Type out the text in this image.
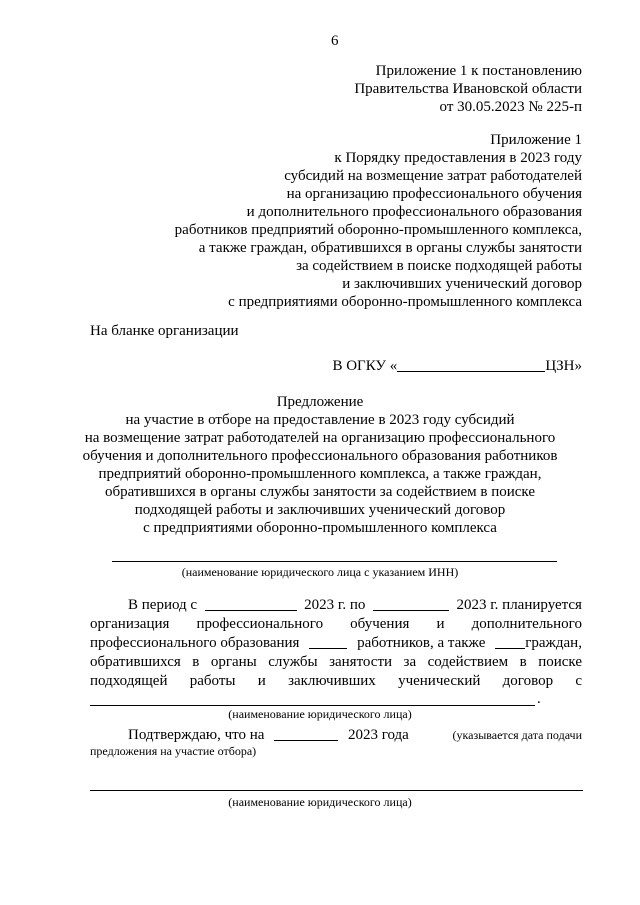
6
Приложение 1 к постановлению
Правительства Ивановской области
от 30.05.2023 № 225-п
Приложение 1
к Порядку предоставления в 2023 году
субсидий на возмещение затрат работодателей
на организацию профессионального обучения
и дополнительного профессионального образования
работников предприятий оборонно-промышленного комплекса,
а также граждан, обратившихся в органы службы занятости
за содействием в поиске подходящей работы
и заключивших ученический договор
с предприятиями оборонно-промышленного комплекса
На бланке организации
В ОГКУ «	ЦЗН»
Предложение
на участие в отборе на предоставление в 2023 году субсидий
на возмещение затрат работодателей на организацию профессионального
обучения и дополнительного профессионального образования работников
предприятий оборонно-промышленного комплекса, а также граждан,
обратившихся в органы службы занятости за содействием в поиске
подходящей работы и заключивших ученический договор
с предприятиями оборонно-промышленного комплекса
(наименование юридического лица с указанием ИНН)
В период с	2023 г. по	2023 г. планируется
организация профессионального обучения и дополнительного
профессионального образования	работников, а также	граждан,
обратившихся в органы службы занятости за содействием в поиске
подходящей работы и заключивших ученический договор с
.
(наименование юридического лица)
Подтверждаю, что на	2023 года	(указывается дата подачи
предложения на участие отбора)
(наименование юридического лица)
